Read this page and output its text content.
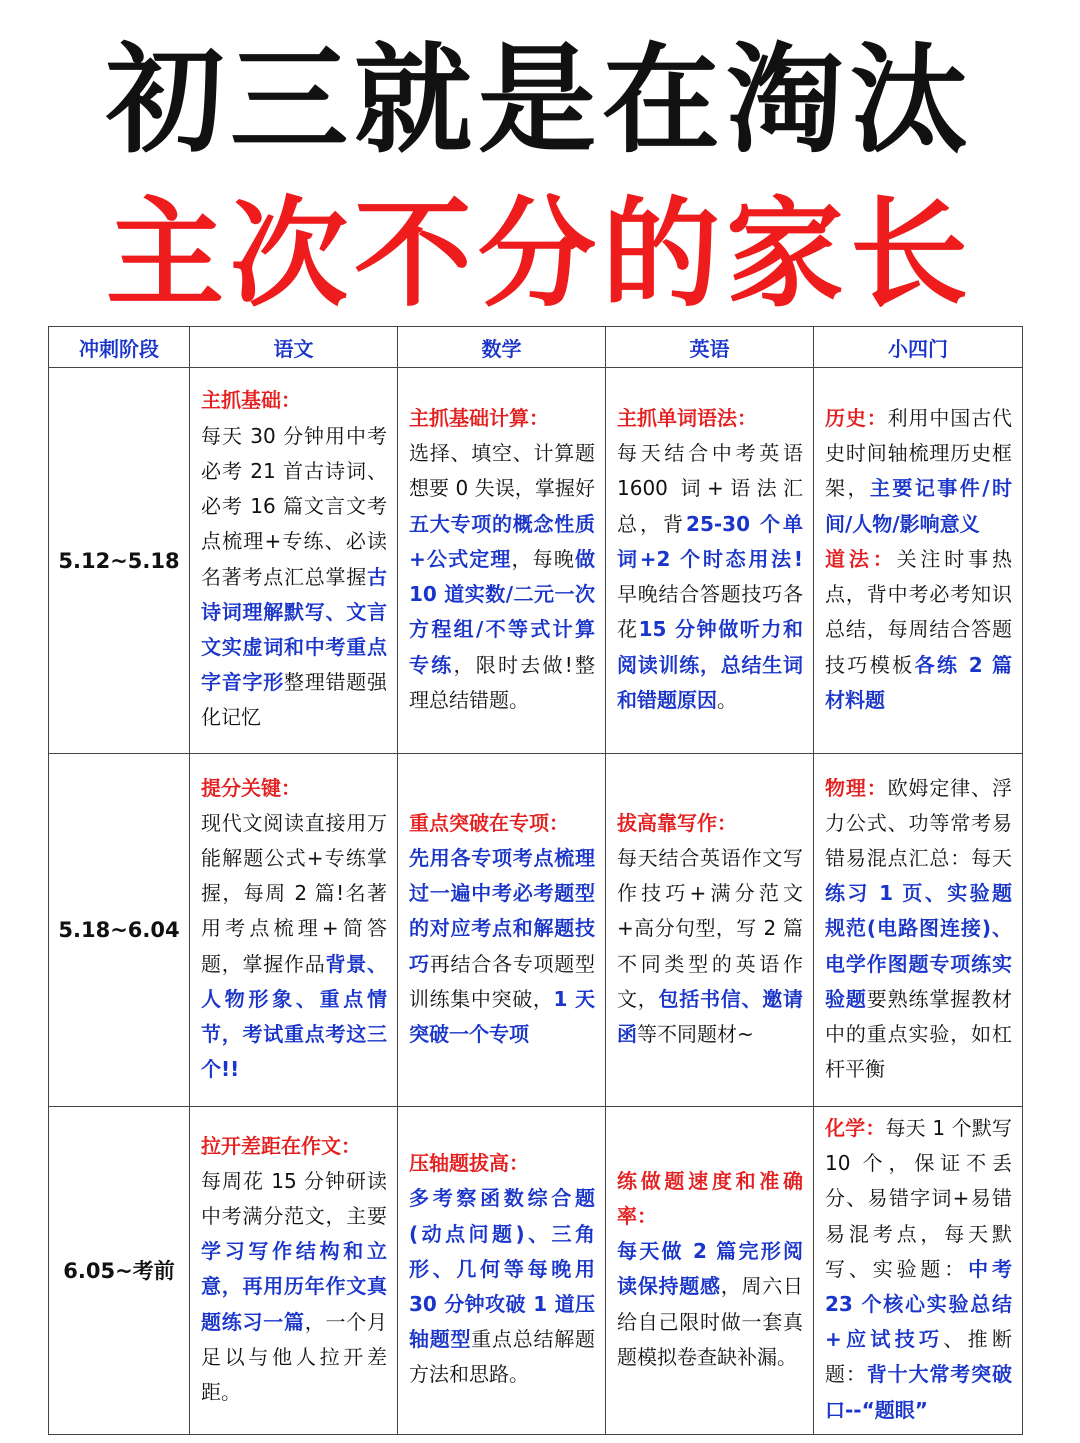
初三就是在淘汰
主次不分的家长
冲刺阶段	语文	数学	英语	小四门
5.12~5.18	主抓基础：
每天 30 分钟用中考必考 21 首古诗词、必考 16 篇文言文考点梳理+专练、必读名著考点汇总掌握古诗词理解默写、文言文实虚词和中考重点字音字形整理错题强化记忆	主抓基础计算：
选择、填空、计算题想要 0 失误，掌握好五大专项的概念性质+公式定理，每晚做 10 道实数/二元一次方程组/不等式计算专练，限时去做!整理总结错题。	主抓单词语法：
每天结合中考英语 1600 词+语法汇总，背25-30 个单词+2 个时态用法!早晚结合答题技巧各花15 分钟做听力和阅读训练，总结生词和错题原因。	历史：利用中国古代史时间轴梳理历史框架，主要记事件/时间/人物/影响意义
道法：关注时事热点，背中考必考知识总结，每周结合答题技巧模板各练 2 篇材料题
5.18~6.04	提分关键：
现代文阅读直接用万能解题公式+专练掌握，每周 2 篇!名著用考点梳理+简答题，掌握作品背景、人物形象、重点情节，考试重点考这三个!!	重点突破在专项：
先用各专项考点梳理过一遍中考必考题型的对应考点和解题技巧再结合各专项题型训练集中突破，1 天突破一个专项	拔高靠写作：
每天结合英语作文写作技巧+满分范文+高分句型，写 2 篇不同类型的英语作文，包括书信、邀请函等不同题材~	物理：欧姆定律、浮力公式、功等常考易错易混点汇总：每天练习 1 页、实验题规范(电路图连接)、电学作图题专项练实验题要熟练掌握教材中的重点实验，如杠杆平衡
6.05~考前	拉开差距在作文：
每周花 15 分钟研读中考满分范文，主要学习写作结构和立意，再用历年作文真题练习一篇，一个月足以与他人拉开差距。	压轴题拔高：
多考察函数综合题(动点问题)、三角形、几何等每晚用 30 分钟攻破 1 道压轴题型重点总结解题方法和思路。	练做题速度和准确率：
每天做 2 篇完形阅读保持题感，周六日给自己限时做一套真题模拟卷查缺补漏。	化学：每天 1 个默写 10 个，保证不丢分、易错字词+易错易混考点，每天默写、实验题：中考 23 个核心实验总结+应试技巧、推断题：背十大常考突破口--“题眼”
